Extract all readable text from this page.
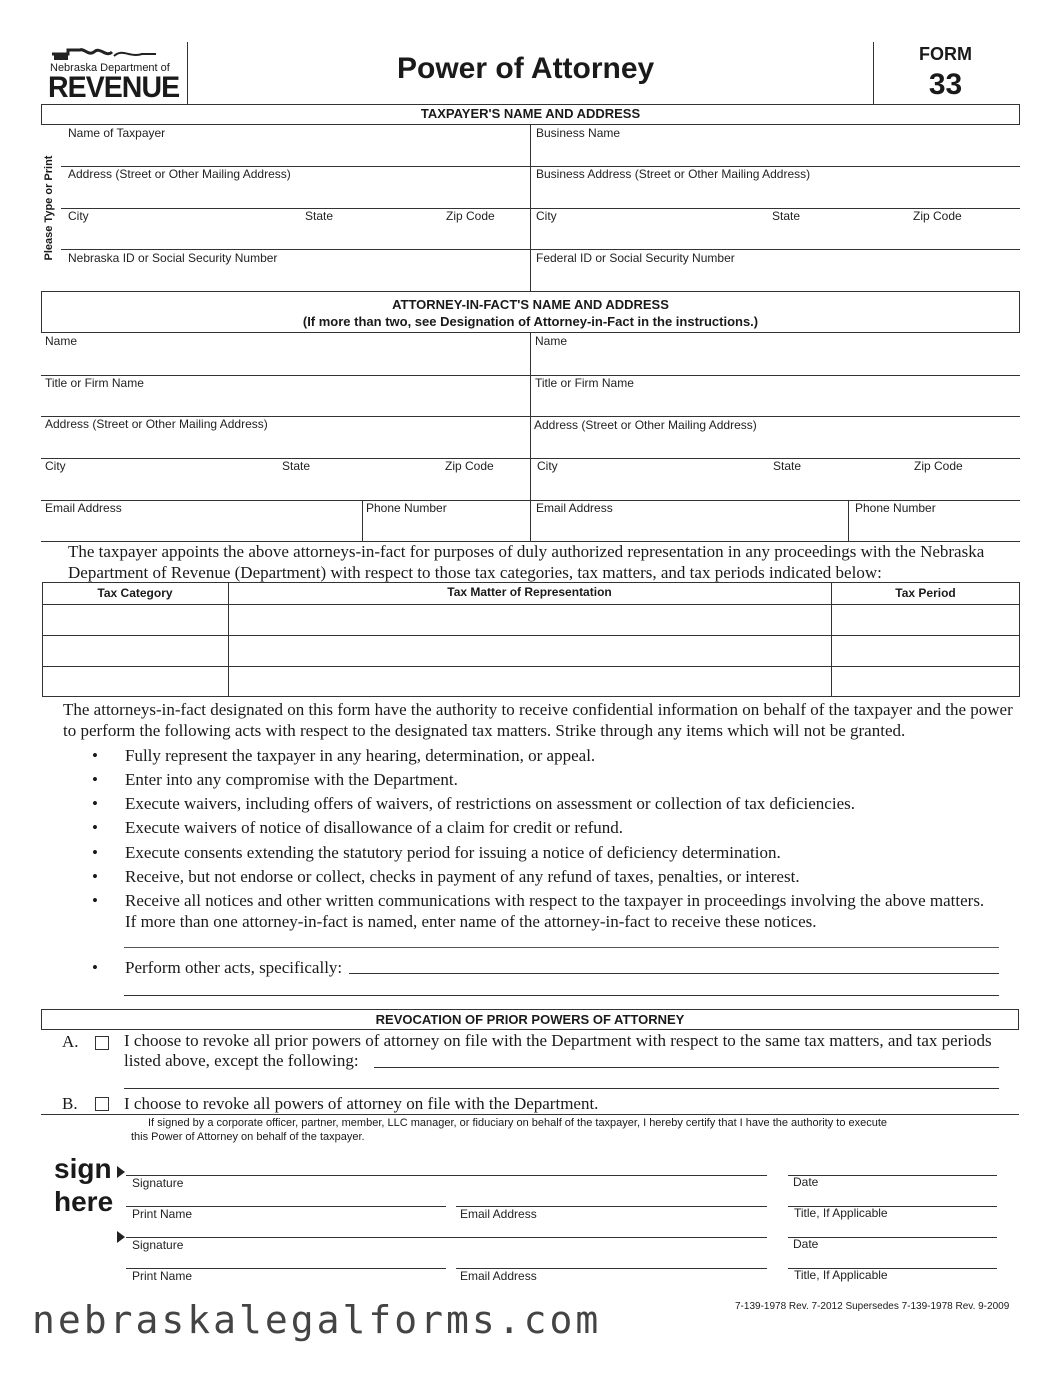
Nebraska Department of
REVENUE
Power of Attorney	FORM
33
TAXPAYER'S NAME AND ADDRESS
Please Type or Print
Name of Taxpayer	Business Name
Address (Street or Other Mailing Address)	Business Address (Street or Other Mailing Address)
City	State	Zip Code	City	State	Zip Code
Nebraska ID or Social Security Number	Federal ID or Social Security Number
ATTORNEY-IN-FACT'S NAME AND ADDRESS
(If more than two, see Designation of Attorney-in-Fact in the instructions.)
Name	Name
Title or Firm Name	Title or Firm Name
Address (Street or Other Mailing Address)	Address (Street or Other Mailing Address)
City	State	Zip Code	City	State	Zip Code
Email Address	Phone Number	Email Address	Phone Number
The taxpayer appoints the above attorneys-in-fact for purposes of duly authorized representation in any proceedings with the Nebraska Department of Revenue (Department) with respect to those tax categories, tax matters, and tax periods indicated below:
Tax Category	Tax Matter of Representation	Tax Period
The attorneys-in-fact designated on this form have the authority to receive confidential information on behalf of the taxpayer and the power to perform the following acts with respect to the designated tax matters. Strike through any items which will not be granted.
• Fully represent the taxpayer in any hearing, determination, or appeal.
• Enter into any compromise with the Department.
• Execute waivers, including offers of waivers, of restrictions on assessment or collection of tax deficiencies.
• Execute waivers of notice of disallowance of a claim for credit or refund.
• Execute consents extending the statutory period for issuing a notice of deficiency determination.
• Receive, but not endorse or collect, checks in payment of any refund of taxes, penalties, or interest.
• Receive all notices and other written communications with respect to the taxpayer in proceedings involving the above matters.
If more than one attorney-in-fact is named, enter name of the attorney-in-fact to receive these notices.
• Perform other acts, specifically:
REVOCATION OF PRIOR POWERS OF ATTORNEY
A.	I choose to revoke all prior powers of attorney on file with the Department with respect to the same tax matters, and tax periods
listed above, except the following:
B.	I choose to revoke all powers of attorney on file with the Department.
If signed by a corporate officer, partner, member, LLC manager, or fiduciary on behalf of the taxpayer, I hereby certify that I have the authority to execute
this Power of Attorney on behalf of the taxpayer.
sign
here
Signature	Date
Print Name	Email Address	Title, If Applicable
Signature	Date
Print Name	Email Address	Title, If Applicable
7-139-1978 Rev. 7-2012 Supersedes 7-139-1978 Rev. 9-2009
nebraskalegalforms.com
